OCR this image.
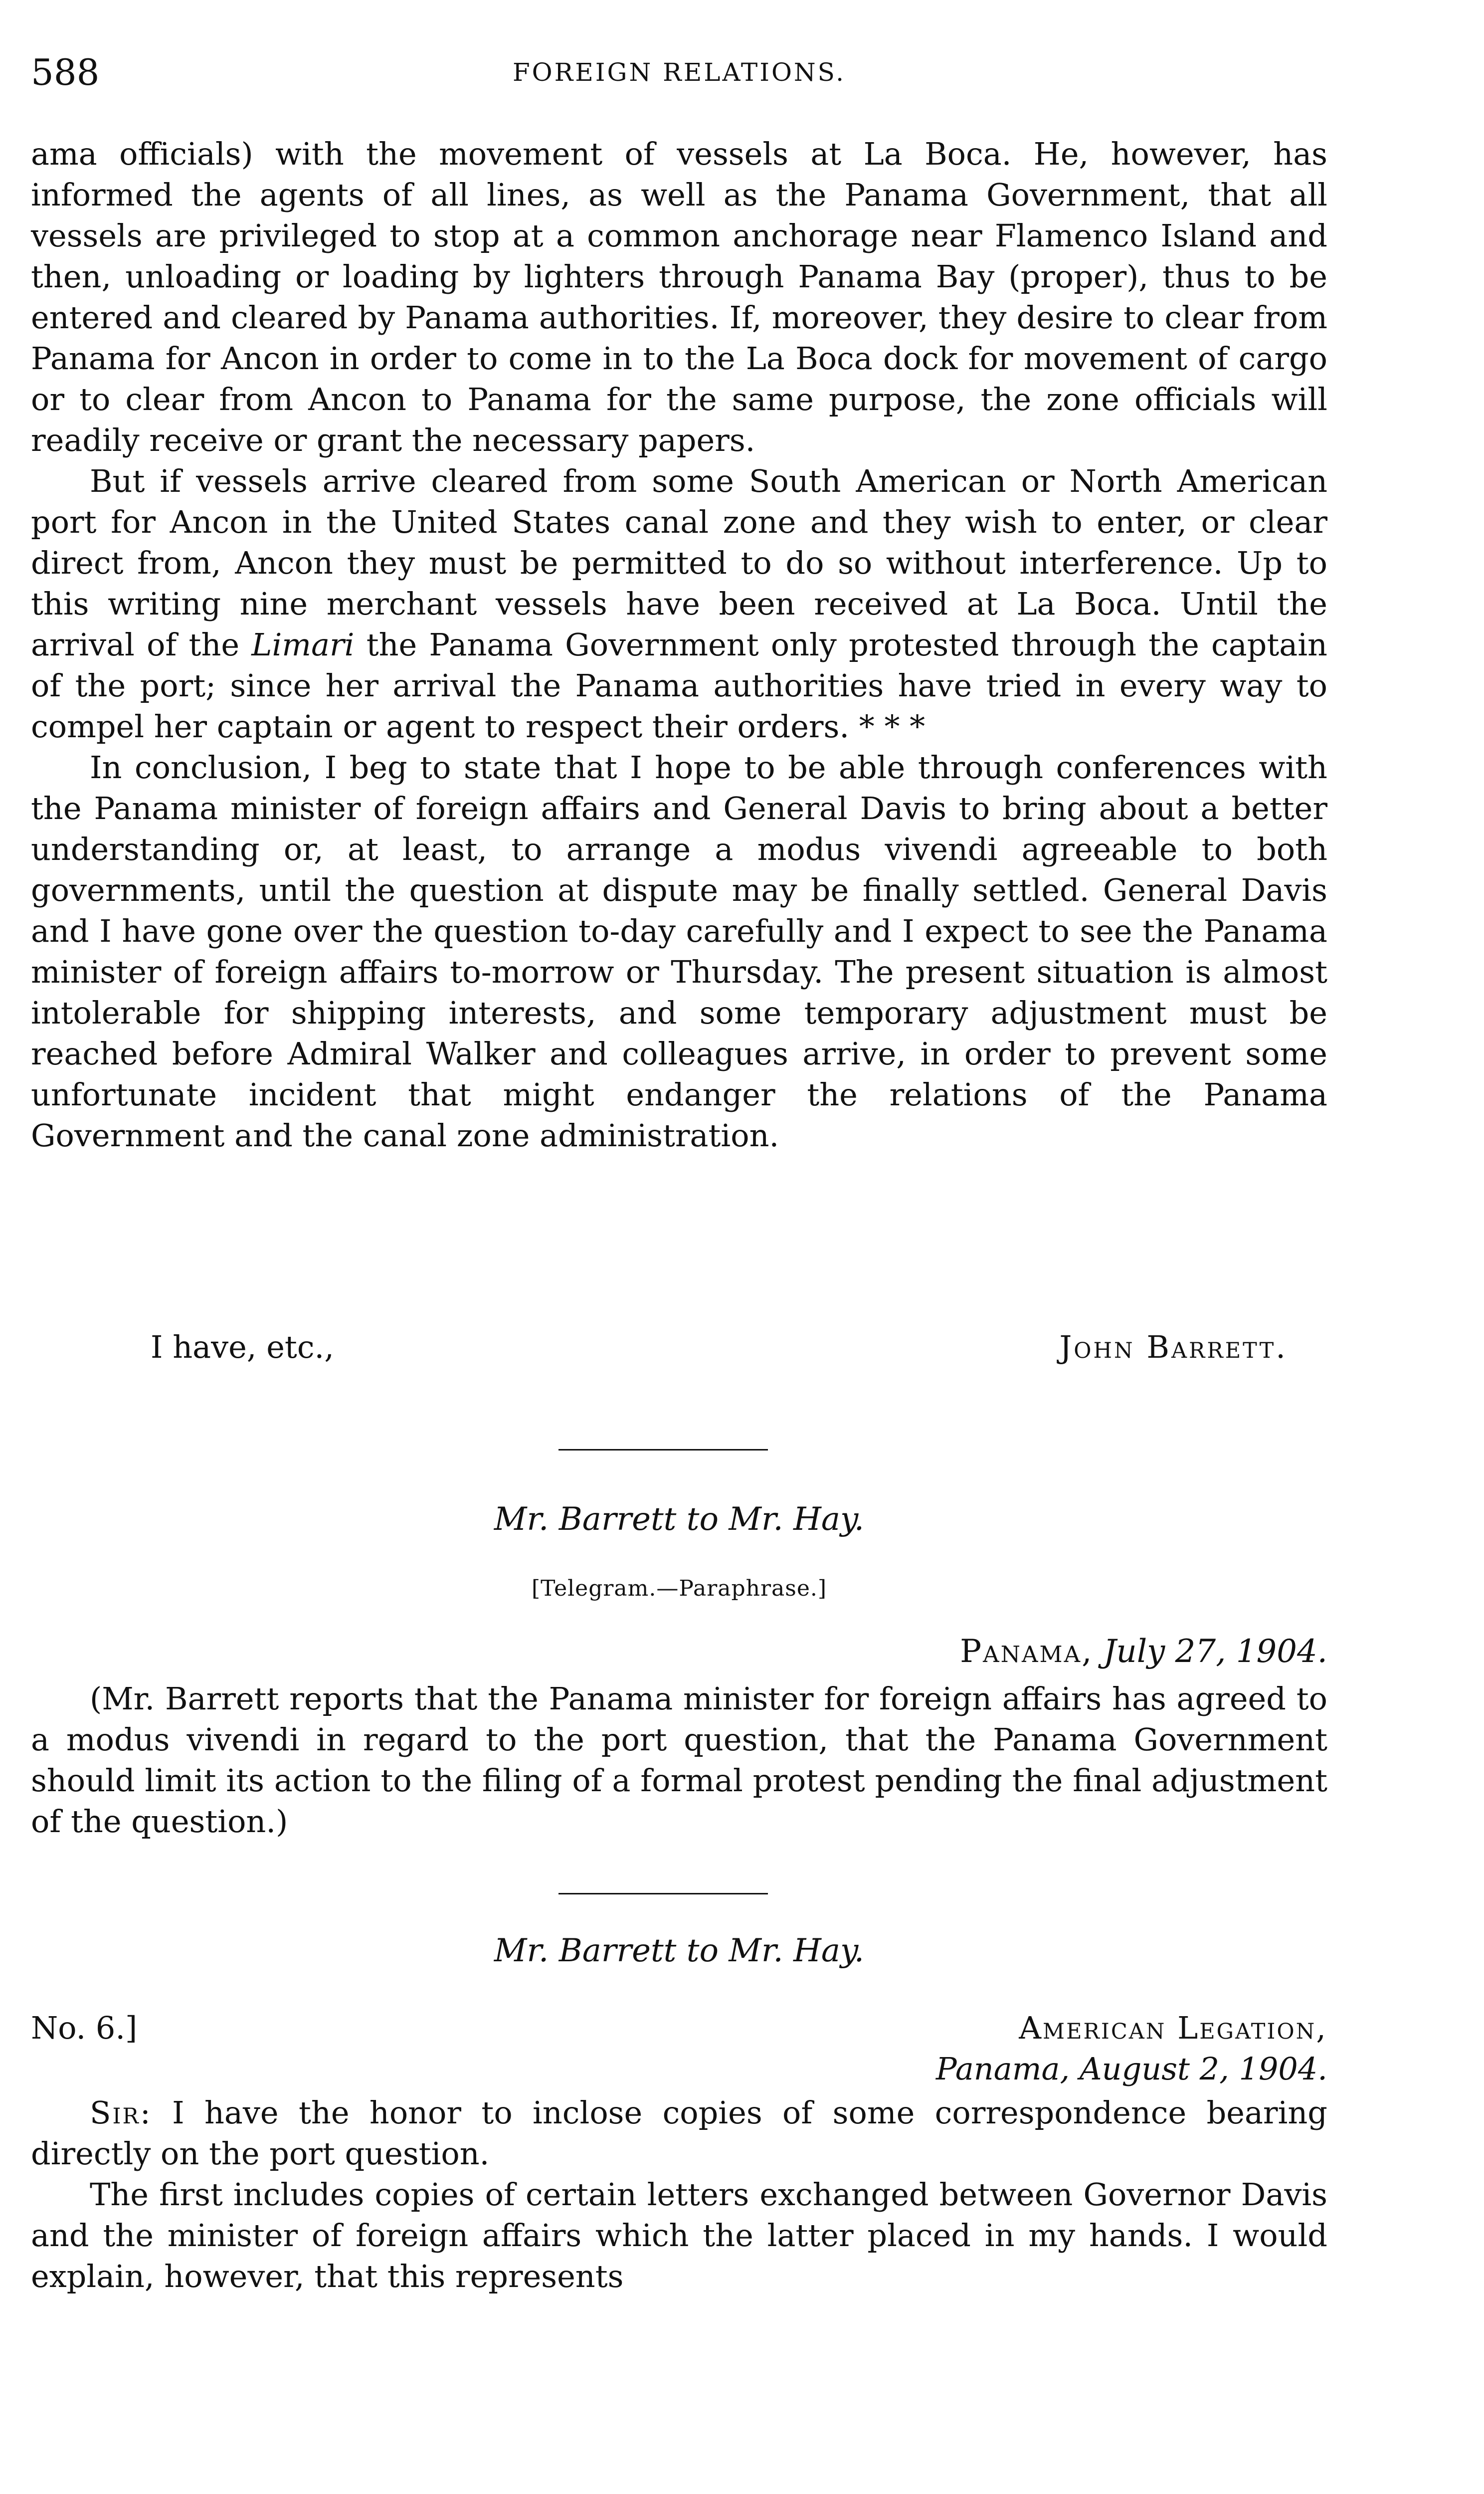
588	FOREIGN RELATIONS.

ama officials) with the movement of vessels at La Boca. He, however, has informed the agents of all lines, as well as the Panama Government, that all vessels are privileged to stop at a common anchorage near Flamenco Island and then, unloading or loading by lighters through Panama Bay (proper), thus to be entered and cleared by Panama authorities. If, moreover, they desire to clear from Panama for Ancon in order to come in to the La Boca dock for movement of cargo or to clear from Ancon to Panama for the same purpose, the zone officials will readily receive or grant the necessary papers.

But if vessels arrive cleared from some South American or North American port for Ancon in the United States canal zone and they wish to enter, or clear direct from, Ancon they must be permitted to do so without interference. Up to this writing nine merchant vessels have been received at La Boca. Until the arrival of the Limari the Panama Government only protested through the captain of the port; since her arrival the Panama authorities have tried in every way to compel her captain or agent to respect their orders. * * *

In conclusion, I beg to state that I hope to be able through conferences with the Panama minister of foreign affairs and General Davis to bring about a better understanding or, at least, to arrange a modus vivendi agreeable to both governments, until the question at dispute may be finally settled. General Davis and I have gone over the question to-day carefully and I expect to see the Panama minister of foreign affairs to-morrow or Thursday. The present situation is almost intolerable for shipping interests, and some temporary adjustment must be reached before Admiral Walker and colleagues arrive, in order to prevent some unfortunate incident that might endanger the relations of the Panama Government and the canal zone administration.

I have, etc.,	John Barrett.
Mr. Barrett to Mr. Hay.
[Telegram.—Paraphrase.]
Panama, July 27, 1904.

(Mr. Barrett reports that the Panama minister for foreign affairs has agreed to a modus vivendi in regard to the port question, that the Panama Government should limit its action to the filing of a formal protest pending the final adjustment of the question.)

Mr. Barrett to Mr. Hay.
No. 6.]	American Legation,
Panama, August 2, 1904.

Sir: I have the honor to inclose copies of some correspondence bearing directly on the port question.

The first includes copies of certain letters exchanged between Governor Davis and the minister of foreign affairs which the latter placed in my hands. I would explain, however, that this represents
